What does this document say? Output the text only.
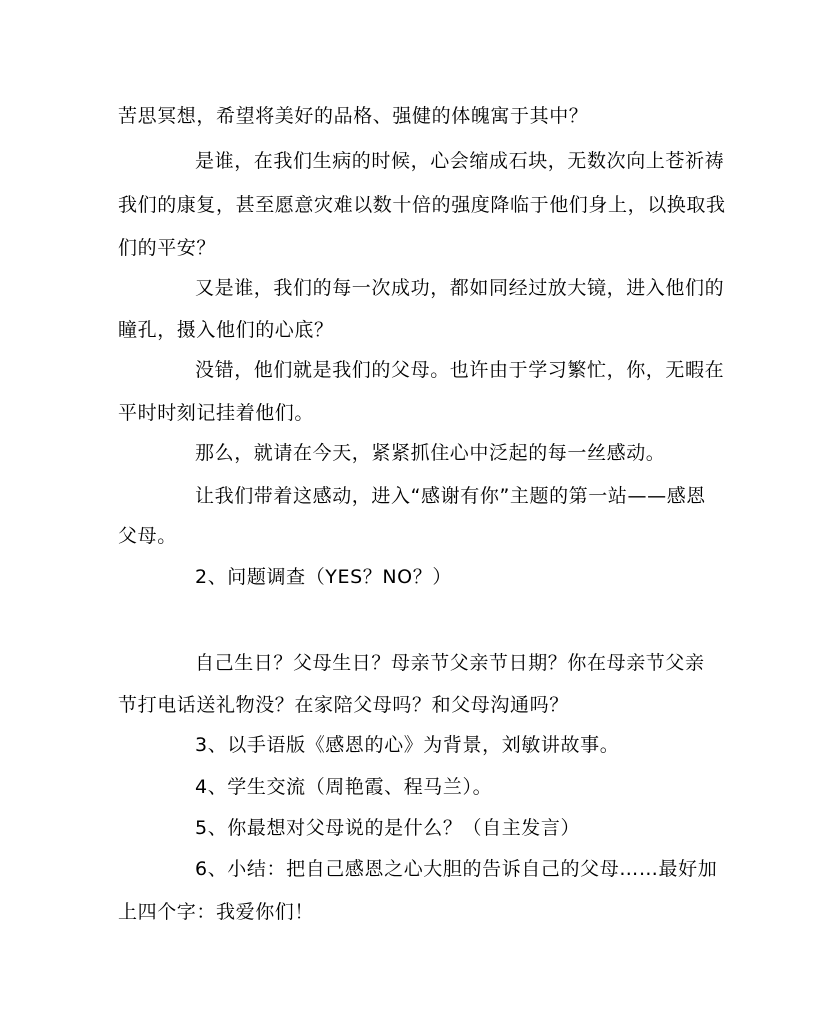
苦思冥想，希望将美好的品格、强健的体魄寓于其中？
是谁，在我们生病的时候，心会缩成石块，无数次向上苍祈祷
我们的康复，甚至愿意灾难以数十倍的强度降临于他们身上，以换取我
们的平安？
又是谁，我们的每一次成功，都如同经过放大镜，进入他们的
瞳孔，摄入他们的心底？
没错，他们就是我们的父母。也许由于学习繁忙，你，无暇在
平时时刻记挂着他们。
那么，就请在今天，紧紧抓住心中泛起的每一丝感动。
让我们带着这感动，进入“感谢有你”主题的第一站——感恩
父母。
2、问题调查（YES？NO？）
自己生日？父母生日？母亲节父亲节日期？你在母亲节父亲
节打电话送礼物没？在家陪父母吗？和父母沟通吗？
3、以手语版《感恩的心》为背景，刘敏讲故事。
4、学生交流（周艳霞、程马兰）。
5、你最想对父母说的是什么？（自主发言）
6、小结：把自己感恩之心大胆的告诉自己的父母……最好加
上四个字：我爱你们！
